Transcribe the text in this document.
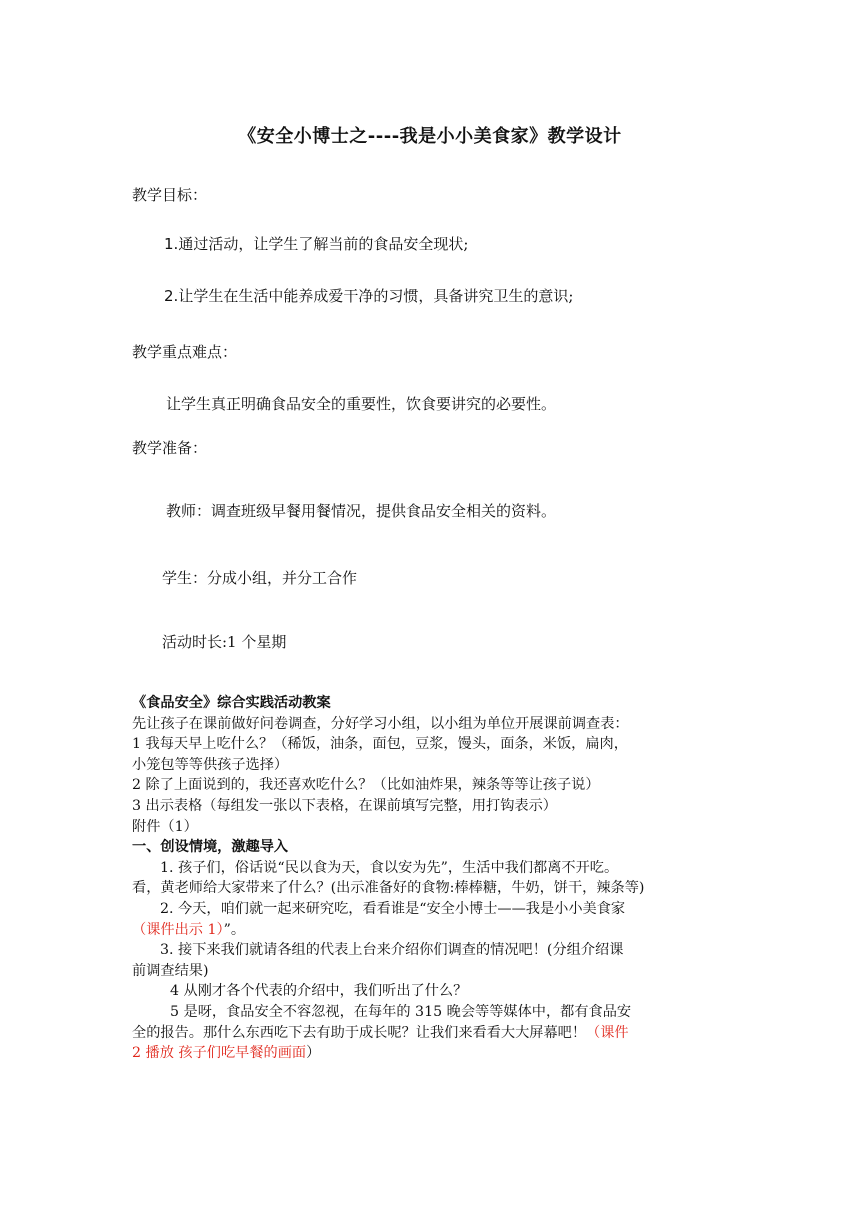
《安全小博士之----我是小小美食家》教学设计
教学目标：
1.通过活动，让学生了解当前的食品安全现状;
2.让学生在生活中能养成爱干净的习惯，具备讲究卫生的意识;
教学重点难点：
让学生真正明确食品安全的重要性，饮食要讲究的必要性。
教学准备：
教师：调查班级早餐用餐情况，提供食品安全相关的资料。
学生：分成小组，并分工合作
活动时长:1 个星期
《食品安全》综合实践活动教案
先让孩子在课前做好问卷调查，分好学习小组，以小组为单位开展课前调查表：
1 我每天早上吃什么？（稀饭，油条，面包，豆浆，馒头，面条，米饭，扁肉，
小笼包等等供孩子选择）
2 除了上面说到的，我还喜欢吃什么？（比如油炸果，辣条等等让孩子说）
3 出示表格（每组发一张以下表格，在课前填写完整，用打钩表示）
附件（1）
一、创设情境，激趣导入
1. 孩子们，俗话说“民以食为天，食以安为先”，生活中我们都离不开吃。
看，黄老师给大家带来了什么？(出示准备好的食物:棒棒糖，牛奶，饼干，辣条等)
2. 今天，咱们就一起来研究吃，看看谁是“安全小博士——我是小小美食家
（课件出示 1）”。
3. 接下来我们就请各组的代表上台来介绍你们调查的情况吧！(分组介绍课
前调查结果)
4 从刚才各个代表的介绍中，我们听出了什么？
5 是呀，食品安全不容忽视，在每年的 315 晚会等等媒体中，都有食品安
全的报告。那什么东西吃下去有助于成长呢？让我们来看看大大屏幕吧！（课件
2 播放 孩子们吃早餐的画面）
